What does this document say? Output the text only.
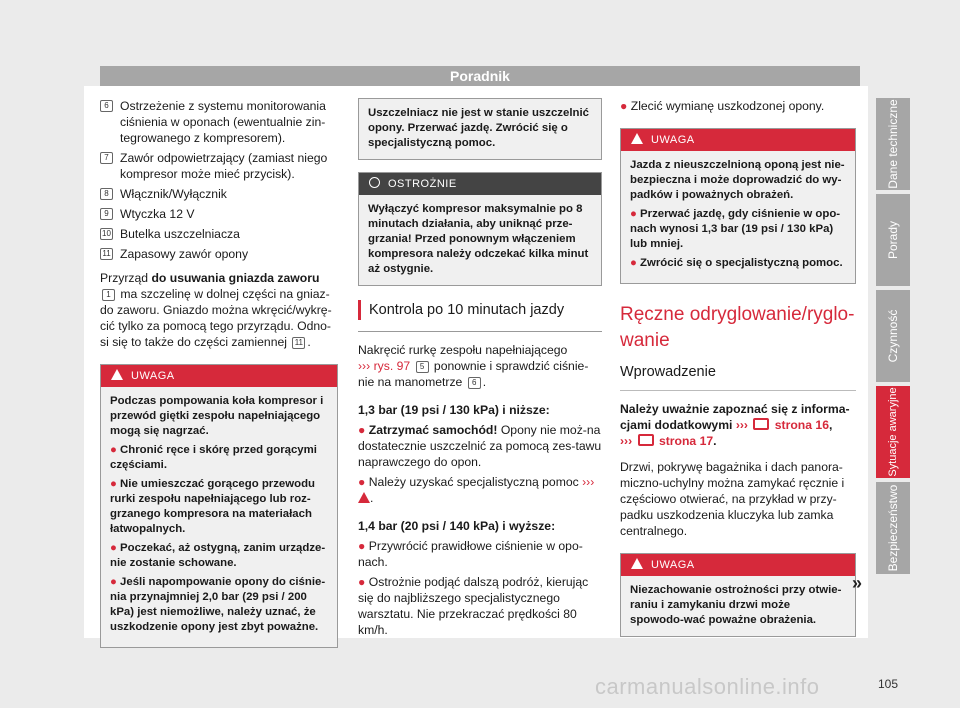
Poradnik
6 Ostrzeżenie z systemu monitorowania ciśnienia w oponach (ewentualnie zin-tegrowanego z kompresorem).
7 Zawór odpowietrzający (zamiast niego kompresor może mieć przycisk).
8 Włącznik/Wyłącznik
9 Wtyczka 12 V
10 Butelka uszczelniacza
11 Zapasowy zawór opony

Przyrząd do usuwania gniazda zaworu
1 ma szczelinę w dolnej części na gniaz-do zaworu. Gniazdo można wkręcić/wykrę-cić tylko za pomocą tego przyrządu. Odno-si się to także do części zamiennej 11 .

UWAGA

Podczas pompowania koła kompresor i przewód giętki zespołu napełniającego mogą się nagrzać.

● Chronić ręce i skórę przed gorącymi częściami.

● Nie umieszczać gorącego przewodu rurki zespołu napełniającego lub roz-grzanego kompresora na materiałach łatwopalnych.

● Poczekać, aż ostygną, zanim urządze-nie zostanie schowane.

● Jeśli napompowanie opony do ciśnie-nia przynajmniej 2,0 bar (29 psi / 200 kPa) jest niemożliwe, należy uznać, że uszkodzenie opony jest zbyt poważne.

Uszczelniacz nie jest w stanie uszczelnić opony. Przerwać jazdę. Zwrócić się o specjalistyczną pomoc.
OSTROŻNIE
Wyłączyć kompresor maksymalnie po 8 minutach działania, aby uniknąć prze-grzania! Przed ponownym włączeniem kompresora należy odczekać kilka minut aż ostygnie.
Kontrola po 10 minutach jazdy

Nakręcić rurkę zespołu napełniającego
››› rys. 97 5 ponownie i sprawdzić ciśnie-nie na manometrze 6 .

1,3 bar (19 psi / 130 kPa) i niższe:

● Zatrzymać samochód! Opony nie moż-na dostatecznie uszczelnić za pomocą zes-tawu naprawczego do opon.

● Należy uzyskać specjalistyczną pomoc ››› .

1,4 bar (20 psi / 140 kPa) i wyższe:

● Przywrócić prawidłowe ciśnienie w opo-nach.

● Ostrożnie podjąć dalszą podróż, kierując się do najbliższego specjalistycznego warsztatu. Nie przekraczać prędkości 80 km/h.

● Zlecić wymianę uszkodzonej opony.

UWAGA

Jazda z nieuszczelnioną oponą jest nie-bezpieczna i może doprowadzić do wy-padków i poważnych obrażeń.

● Przerwać jazdę, gdy ciśnienie w opo-nach wynosi 1,3 bar (19 psi / 130 kPa) lub mniej.

● Zwrócić się o specjalistyczną pomoc.

Ręczne odryglowanie/ryglo-wanie
Wprowadzenie

Należy uważnie zapoznać się z informa-cjami dodatkowymi ›››  strona 16,
›››  strona 17.

Drzwi, pokrywę bagażnika i dach panora-miczno-uchylny można zamykać ręcznie i częściowo otwierać, na przykład w przy-padku uszkodzenia kluczyka lub zamka centralnego.

UWAGA
Niezachowanie ostrożności przy otwie-raniu i zamykaniu drzwi może spowodo-wać poważne obrażenia.
»
Dane techniczne
Porady
Czynność
Sytuacje awaryjne
Bezpieczeństwo
105
carmanualsonline.info
